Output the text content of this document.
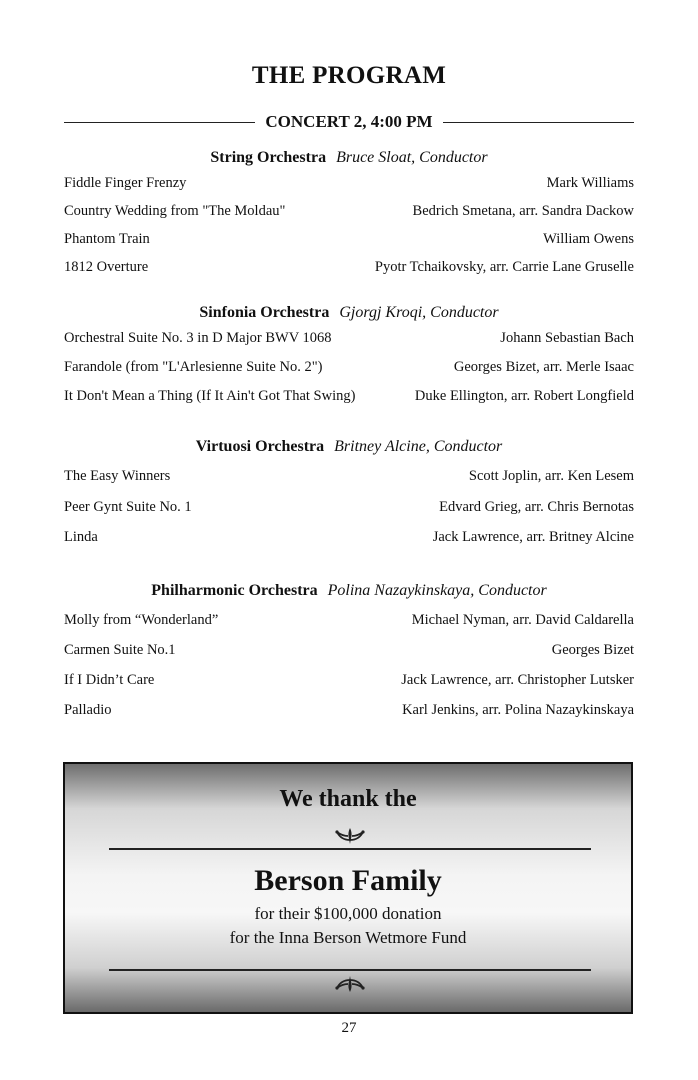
THE PROGRAM
CONCERT 2, 4:00 PM
String Orchestra Bruce Sloat, Conductor
Fiddle Finger Frenzy	Mark Williams
Country Wedding from "The Moldau"	Bedrich Smetana, arr. Sandra Dackow
Phantom Train	William Owens
1812 Overture	Pyotr Tchaikovsky, arr. Carrie Lane Gruselle
Sinfonia Orchestra Gjorgj Kroqi, Conductor
Orchestral Suite No. 3 in D Major BWV 1068	Johann Sebastian Bach
Farandole (from "L'Arlesienne Suite No. 2")	Georges Bizet, arr. Merle Isaac
It Don't Mean a Thing (If It Ain't Got That Swing)	Duke Ellington, arr. Robert Longfield
Virtuosi Orchestra Britney Alcine, Conductor
The Easy Winners	Scott Joplin, arr. Ken Lesem
Peer Gynt Suite No. 1	Edvard Grieg, arr. Chris Bernotas
Linda	Jack Lawrence, arr. Britney Alcine
Philharmonic Orchestra Polina Nazaykinskaya, Conductor
Molly from “Wonderland”	Michael Nyman, arr. David Caldarella
Carmen Suite No.1	Georges Bizet
If I Didn’t Care	Jack Lawrence, arr. Christopher Lutsker
Palladio	Karl Jenkins, arr. Polina Nazaykinskaya
We thank the
Berson Family
for their $100,000 donation
for the Inna Berson Wetmore Fund
27
